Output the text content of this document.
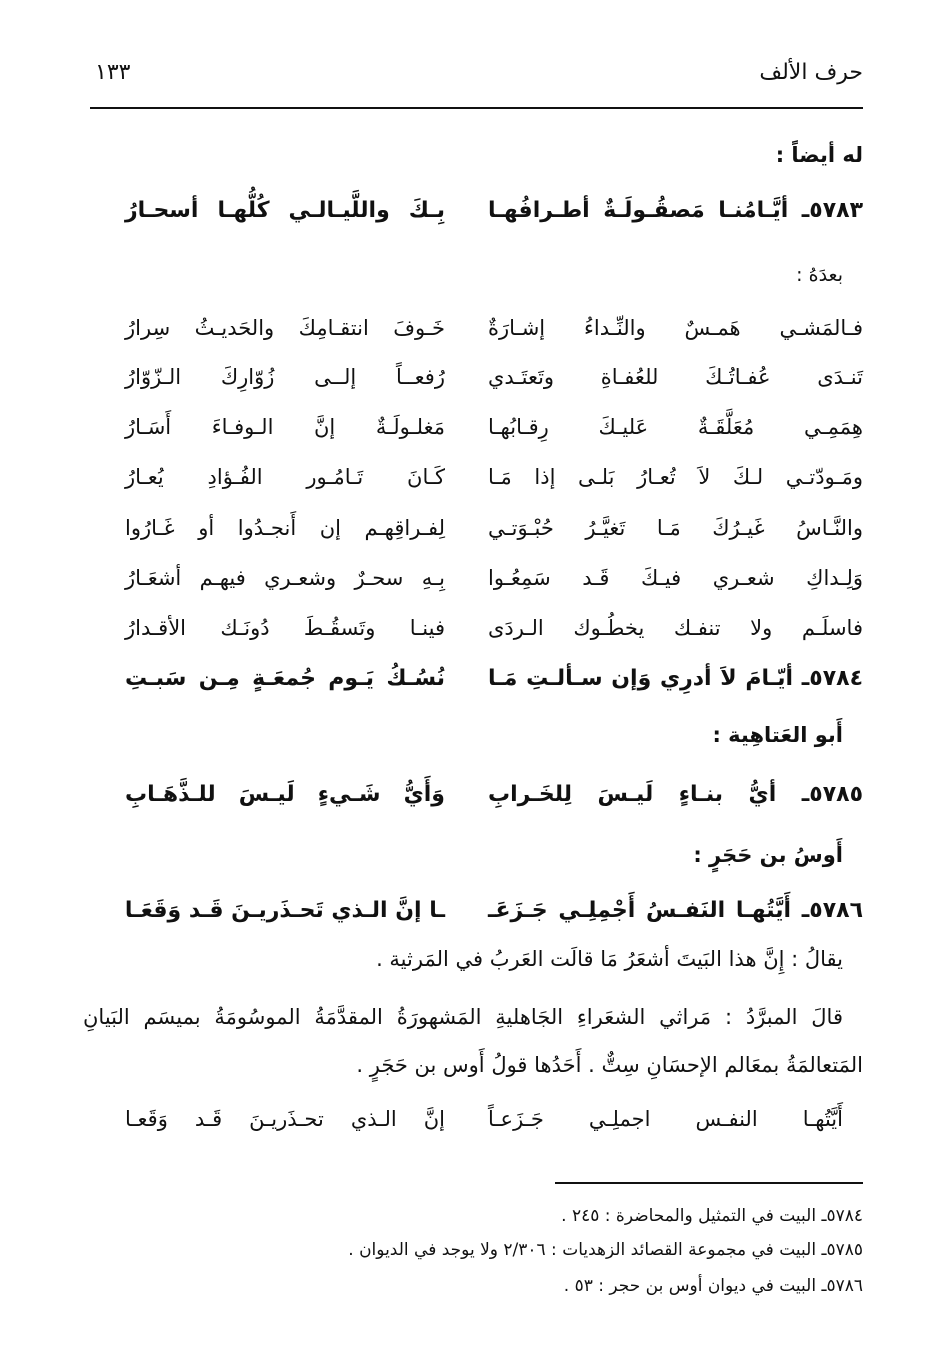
حرف الألف
١٣٣
له أيضاً :
٥٧٨٣ـ أيَّـامُنـا مَصقُـولَـةٌ أطـرافُهـا
بِـكَ واللَّيـالـي كُلُّهـا أسحـارُ
بعدَهُ :
فـالمَشـي هَمـسٌ والنِّـداءُ إشـارَةٌ
خَـوفَ انتقـامِكَ والحَديـثُ سِرارُ
تَنـدَى عُفـاتُـكَ للعُفـاةِ وتَعتَـدي
رُفعــاً إلــى زُوّارِكَ الـزّوّارُ
هِمَمِـي مُعَلَّقَـةٌ عَليـكَ رِقـابُهـا
مَغلـولَـةٌ إنَّ الـوفـاءَ أَسَـارُ
ومَـودّتـي لـكَ لاَ تُعـارُ بَلـى إذا مَـا
كَـانَ تَـامُـور الفُـؤادِ يُعـارُ
والنَّـاسُ غَيـرُكَ مَـا تَغيَّـرُ حُبْـوَتـي
لِفـراقِهـم إن أَنجـدُوا أو غَـارُوا
وَلِـداكِ شعـري فيـكَ قَـد سَمِعُـوا
بِـهِ سحـرٌ وشعـري فيهـم أشعَـارُ
فاسلَـم ولا تنفـك يخطُـوك الـردَى
فينـا وتَسقُـطَ دُونَـك الأقـدارُ
٥٧٨٤ـ أيّـامَ لاَ أدرِي وَإن سـألـتِ مَـا
نُسُـكُ يَـوم جُمعَـةٍ مِـن سَبـتِ
أَبو العَتاهِية :
٥٧٨٥ـ أيُّ بنـاءٍ لَيـسَ لِلخَـرابِ
وَأَيُّ شَـيءٍ لَيـسَ للـذَّهَـابِ
أَوسُ بن حَجَرٍ :
٥٧٨٦ـ أَيَّتُهـا النَفـسُ أَجْمِلِـي جَـزَعَـ
ـا إنَّ الـذي تَحـذَريـنَ قَـد وَقَعَـا
يقالُ : إِنَّ هذا البَيتَ أشعَرُ مَا قالَت العَربُ في المَرثية .
قالَ المبرَّدُ : مَراثي الشعَراءِ الجَاهليةِ المَشهورَةُ المقدَّمَةُ الموسُومَةُ بميسَم البَيانِ
المَتعالمَةُ بمعَالم الإحسَانِ سِتٌّ . أَحَدُها قولُ أَوس بن حَجَرٍ .
أَيَّتُهـا النفـس اجملِـي جَـزَعـاً
إنَّ الـذي تحـذَريـنَ قَـد وَقَعـا
٥٧٨٤ـ البيت في التمثيل والمحاضرة : ٢٤٥ .
٥٧٨٥ـ البيت في مجموعة القصائد الزهديات : ٢/٣٠٦ ولا يوجد في الديوان .
٥٧٨٦ـ البيت في ديوان أوس بن حجر : ٥٣ .
